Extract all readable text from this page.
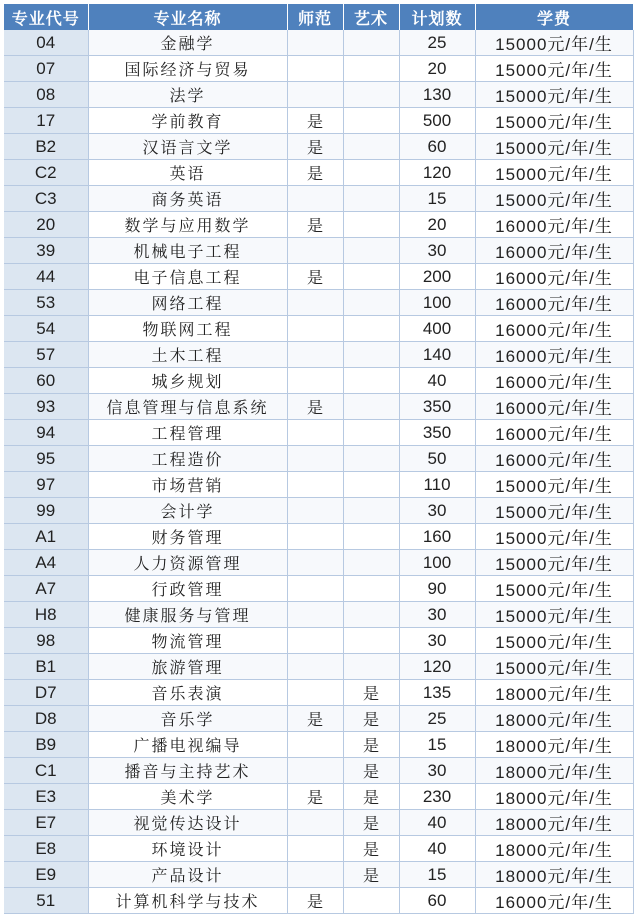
专业代号	专业名称	师范	艺术	计划数	学费
04	金融学			25	15000元/年/生
07	国际经济与贸易			20	15000元/年/生
08	法学			130	15000元/年/生
17	学前教育	是		500	15000元/年/生
B2	汉语言文学	是		60	15000元/年/生
C2	英语	是		120	15000元/年/生
C3	商务英语			15	15000元/年/生
20	数学与应用数学	是		20	16000元/年/生
39	机械电子工程			30	16000元/年/生
44	电子信息工程	是		200	16000元/年/生
53	网络工程			100	16000元/年/生
54	物联网工程			400	16000元/年/生
57	土木工程			140	16000元/年/生
60	城乡规划			40	16000元/年/生
93	信息管理与信息系统	是		350	16000元/年/生
94	工程管理			350	16000元/年/生
95	工程造价			50	16000元/年/生
97	市场营销			110	15000元/年/生
99	会计学			30	15000元/年/生
A1	财务管理			160	15000元/年/生
A4	人力资源管理			100	15000元/年/生
A7	行政管理			90	15000元/年/生
H8	健康服务与管理			30	15000元/年/生
98	物流管理			30	15000元/年/生
B1	旅游管理			120	15000元/年/生
D7	音乐表演		是	135	18000元/年/生
D8	音乐学	是	是	25	18000元/年/生
B9	广播电视编导		是	15	18000元/年/生
C1	播音与主持艺术		是	30	18000元/年/生
E3	美术学	是	是	230	18000元/年/生
E7	视觉传达设计		是	40	18000元/年/生
E8	环境设计		是	40	18000元/年/生
E9	产品设计		是	15	18000元/年/生
51	计算机科学与技术	是		60	16000元/年/生
